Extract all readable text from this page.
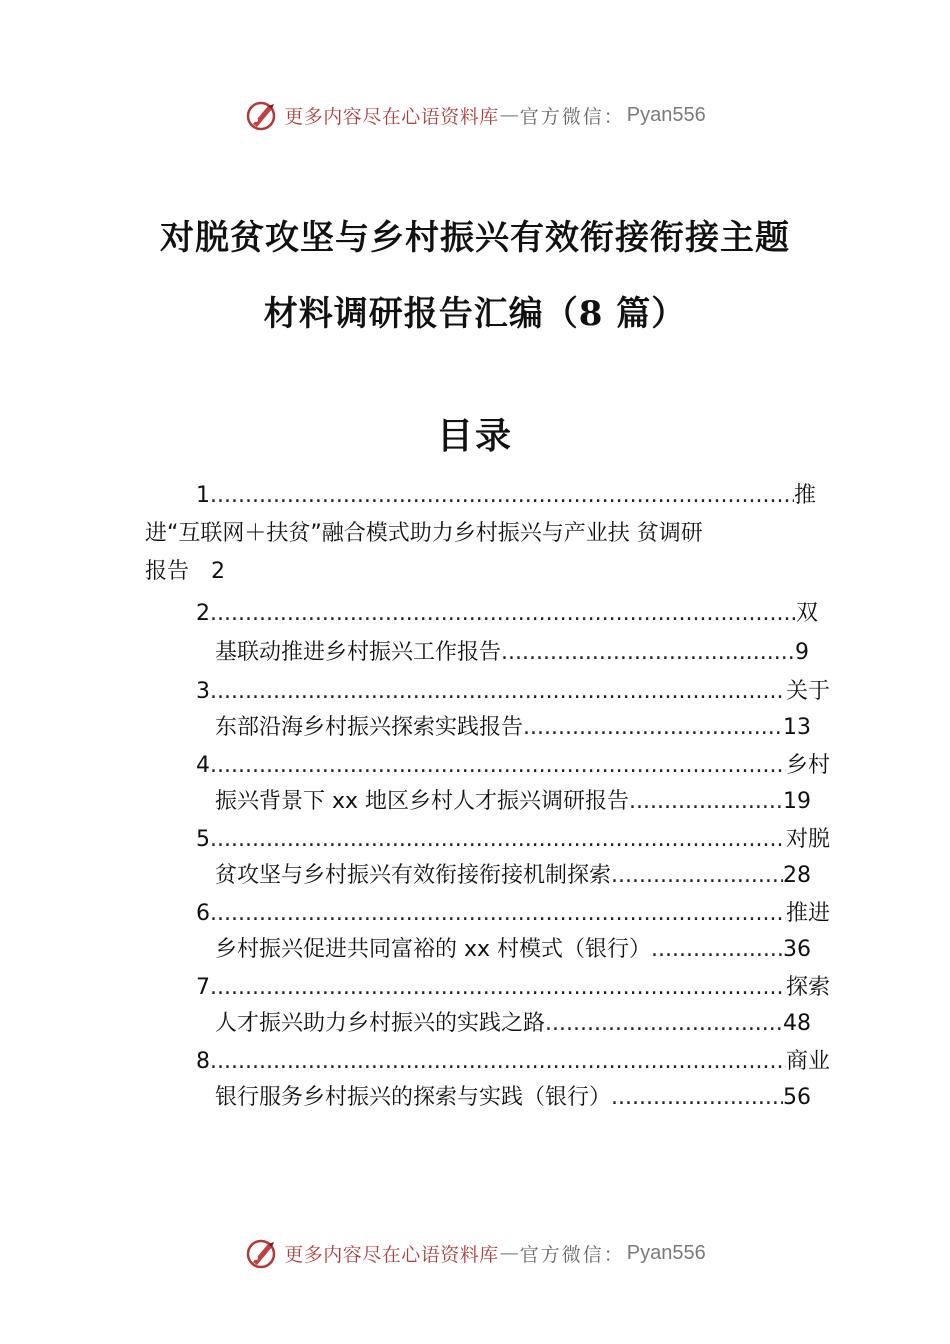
更多内容尽在心语资料库 — 官方微信： Pyan556
对脱贫攻坚与乡村振兴有效衔接衔接主题
材料调研报告汇编（8 篇）
目录
1 .....	推
进“互联网＋扶贫”融合模式助力乡村振兴与产业扶 贫调研
报告 2
2 .....	双
基联动推进乡村振兴工作报告 .....	9
3 .....	关于
东部沿海乡村振兴探索实践报告 .....	13
4 .....	乡村
振兴背景下 xx 地区乡村人才振兴调研报告 .....	19
5 .....	对脱
贫攻坚与乡村振兴有效衔接衔接机制探索 .....	28
6 .....	推进
乡村振兴促进共同富裕的 xx 村模式（银行） .....	36
7 .....	探索
人才振兴助力乡村振兴的实践之路 .....	48
8 .....	商业
银行服务乡村振兴的探索与实践（银行） .....	56
更多内容尽在心语资料库 — 官方微信： Pyan556
